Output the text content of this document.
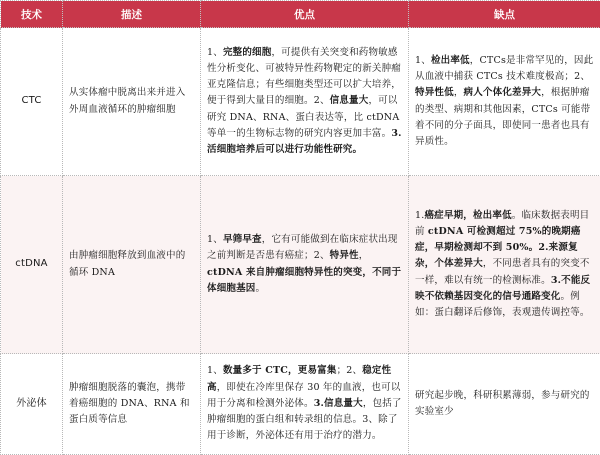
技术	描述	优点	缺点
CTC	从实体瘤中脱离出来并进入外周血液循环的肿瘤细胞	1、完整的细胞，可提供有关突变和药物敏感性分析变化、可被特异性药物靶定的新关肿瘤亚克隆信息；有些细胞类型还可以扩大培养，便于得到大量目的细胞。2、信息量大，可以研究 DNA、RNA、蛋白表达等，比 ctDNA 等单一的生物标志物的研究内容更加丰富。3.活细胞培养后可以进行功能性研究。	1、检出率低，CTCs是非常罕见的，因此从血液中捕获 CTCs 技术难度极高；2、特异性低，病人个体化差异大，根据肿瘤的类型、病期和其他因素，CTCs 可能带着不同的分子面具，即使同一患者也具有异质性。
ctDNA	由肿瘤细胞释放到血液中的循环 DNA	1、早筛早查，它有可能做到在临床症状出现之前判断是否患有癌症；2、特异性，ctDNA 来自肿瘤细胞特异性的突变，不同于体细胞基因。	1.癌症早期，检出率低。临床数据表明目前 ctDNA 可检测超过 75%的晚期癌症，早期检测却不到 50%。2.来源复杂，个体差异大，不同患者具有的突变不一样，难以有统一的检测标准。3.不能反映不依赖基因变化的信号通路变化。例如：蛋白翻译后修饰，表观遗传调控等。
外泌体	肿瘤细胞脱落的囊泡，携带着癌细胞的 DNA、RNA 和蛋白质等信息	1、数量多于 CTC，更易富集；2、稳定性高，即使在冷库里保存 30 年的血液，也可以用于分离和检测外泌体。3.信息量大，包括了肿瘤细胞的蛋白组和转录组的信息。3、除了用于诊断，外泌体还有用于治疗的潜力。	研究起步晚，科研积累薄弱，参与研究的实验室少
